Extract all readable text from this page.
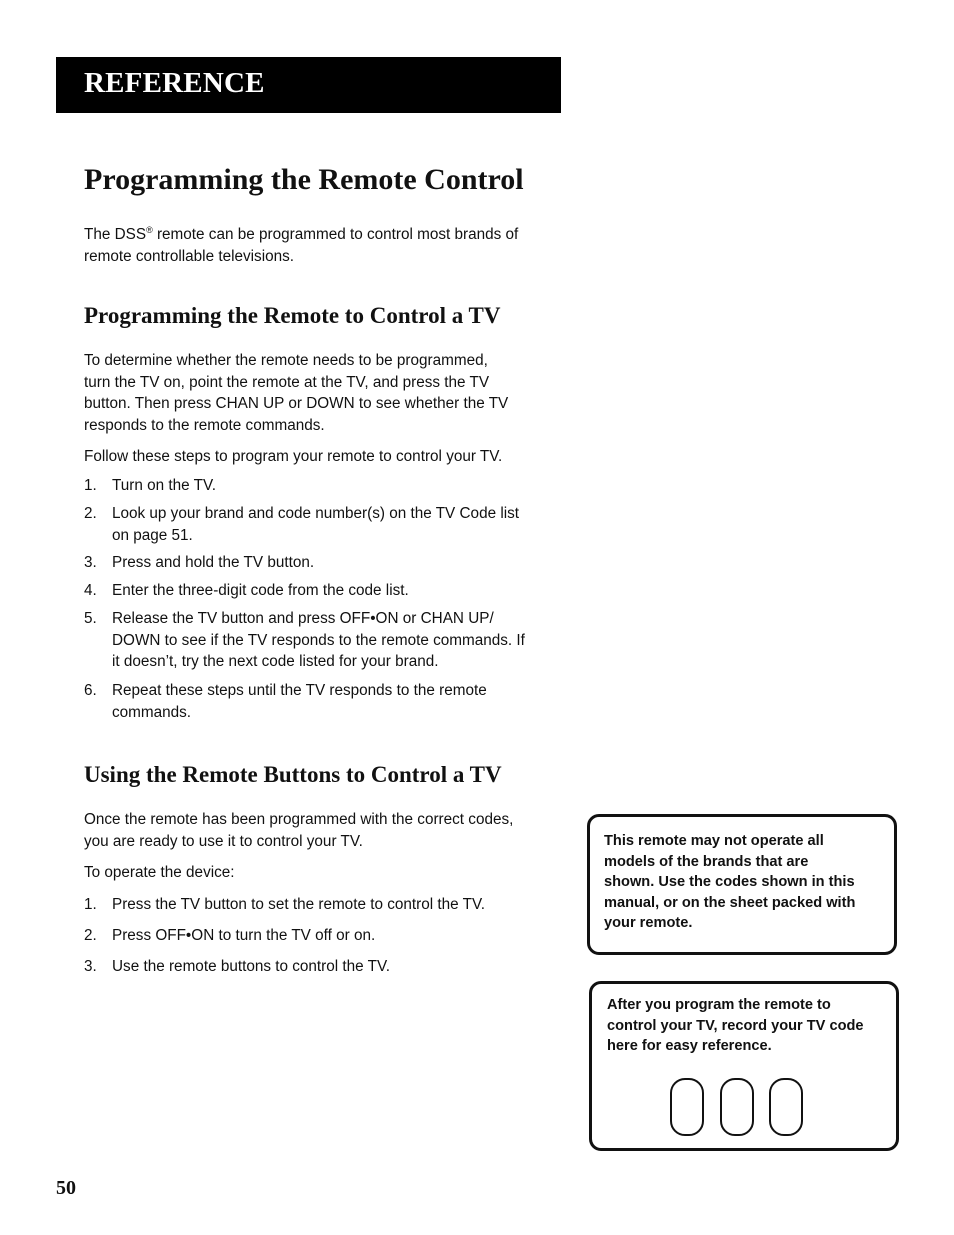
REFERENCE
Programming the Remote Control
The DSS® remote can be programmed to control most brands of
remote controllable televisions.
Programming the Remote to Control a TV
To determine whether the remote needs to be programmed,
turn the TV on, point the remote at the TV, and press the TV
button. Then press CHAN UP or DOWN to see whether the TV
responds to the remote commands.
Follow these steps to program your remote to control your TV.
1. Turn on the TV.
2. Look up your brand and code number(s) on the TV Code list
on page 51.
3. Press and hold the TV button.
4. Enter the three-digit code from the code list.
5. Release the TV button and press OFF•ON or CHAN UP/
DOWN to see if the TV responds to the remote commands. If
it doesn’t, try the next code listed for your brand.
6. Repeat these steps until the TV responds to the remote
commands.
Using the Remote Buttons to Control a TV
Once the remote has been programmed with the correct codes,
you are ready to use it to control your TV.
To operate the device:
1. Press the TV button to set the remote to control the TV.
2. Press OFF•ON to turn the TV off or on.
3. Use the remote buttons to control the TV.
This remote may not operate all
models of the brands that are
shown. Use the codes shown in this
manual, or on the sheet packed with
your remote.
After you program the remote to
control your TV, record your TV code
here for easy reference.
50
